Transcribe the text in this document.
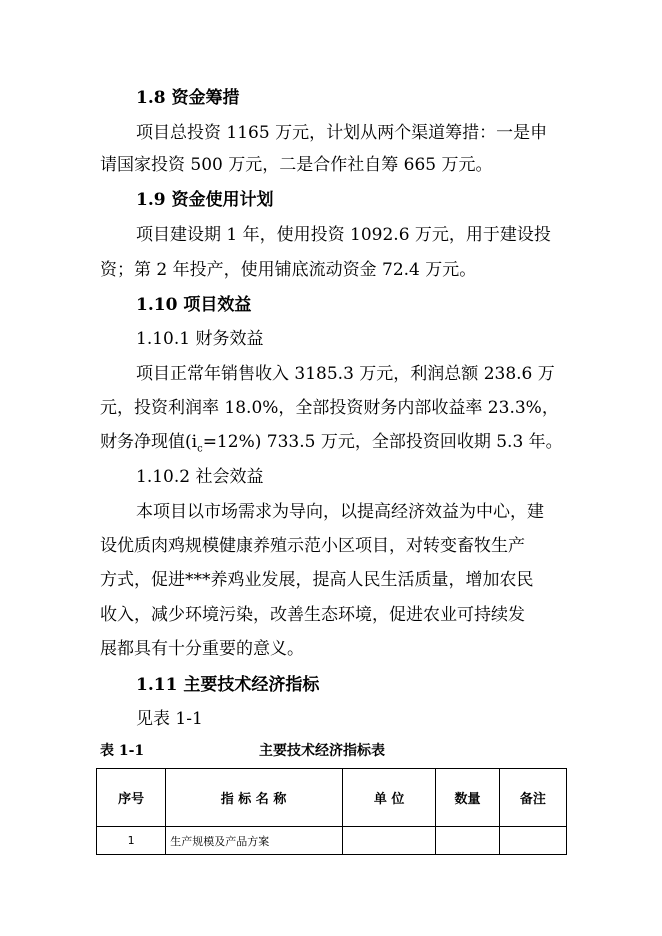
1.8 资金筹措
项目总投资 1165 万元，计划从两个渠道筹措：一是申
请国家投资 500 万元，二是合作社自筹 665 万元。
1.9 资金使用计划
项目建设期 1 年，使用投资 1092.6 万元，用于建设投
资；第 2 年投产，使用铺底流动资金 72.4 万元。
1.10 项目效益
1.10.1 财务效益
项目正常年销售收入 3185.3 万元，利润总额 238.6 万
元，投资利润率 18.0%，全部投资财务内部收益率 23.3%，
财务净现值$(i_c=12\%)$ 733.5 万元，全部投资回收期 5.3 年。
1.10.2 社会效益
本项目以市场需求为导向，以提高经济效益为中心，建
设优质肉鸡规模健康养殖示范小区项目，对转变畜牧生产
方式，促进***养鸡业发展，提高人民生活质量，增加农民
收入，减少环境污染，改善生态环境，促进农业可持续发
展都具有十分重要的意义。
1.11 主要技术经济指标
见表 1-1
表 1-1	主要技术经济指标表
序号	指 标 名 称	单 位	数量	备注
1	生产规模及产品方案			
